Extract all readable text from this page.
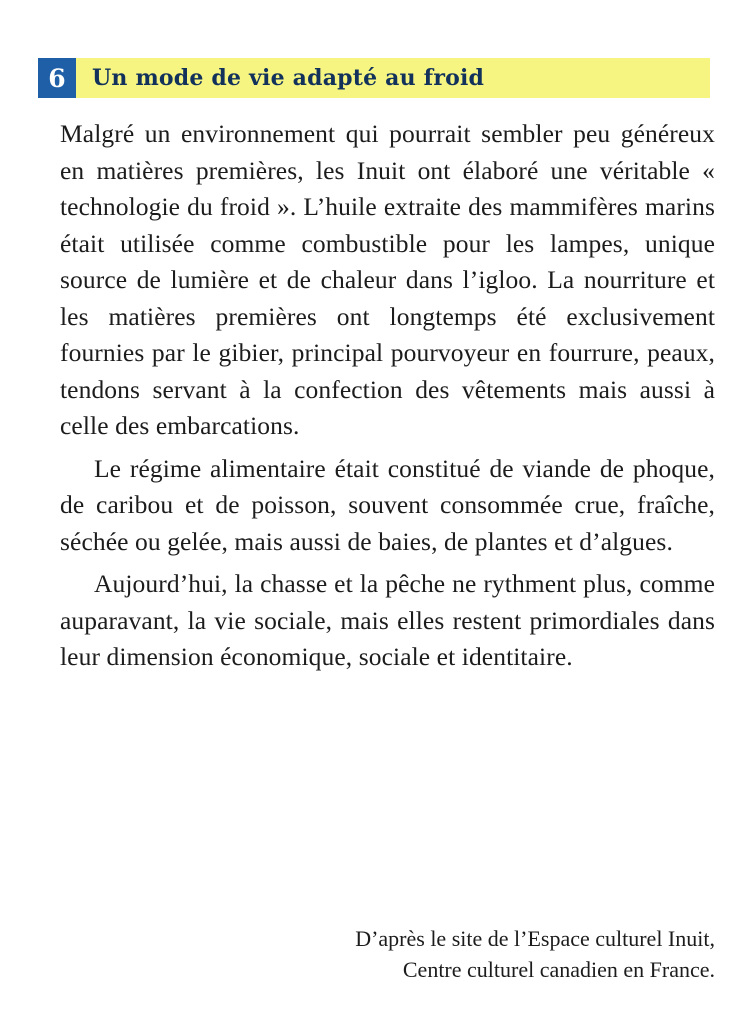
6	Un mode de vie adapté au froid

Malgré un environnement qui pourrait sembler peu généreux en matières premières, les Inuit ont élaboré une véritable « technologie du froid ». L’huile extraite des mammifères marins était utilisée comme combustible pour les lampes, unique source de lumière et de chaleur dans l’igloo. La nourriture et les matières premières ont longtemps été exclusivement fournies par le gibier, principal pourvoyeur en fourrure, peaux, tendons servant à la confection des vêtements mais aussi à celle des embarcations.

Le régime alimentaire était constitué de viande de phoque, de caribou et de poisson, souvent consommée crue, fraîche, séchée ou gelée, mais aussi de baies, de plantes et d’algues.

Aujourd’hui, la chasse et la pêche ne rythment plus, comme auparavant, la vie sociale, mais elles restent primordiales dans leur dimension économique, sociale et identitaire.

D’après le site de l’Espace culturel Inuit,
Centre culturel canadien en France.
